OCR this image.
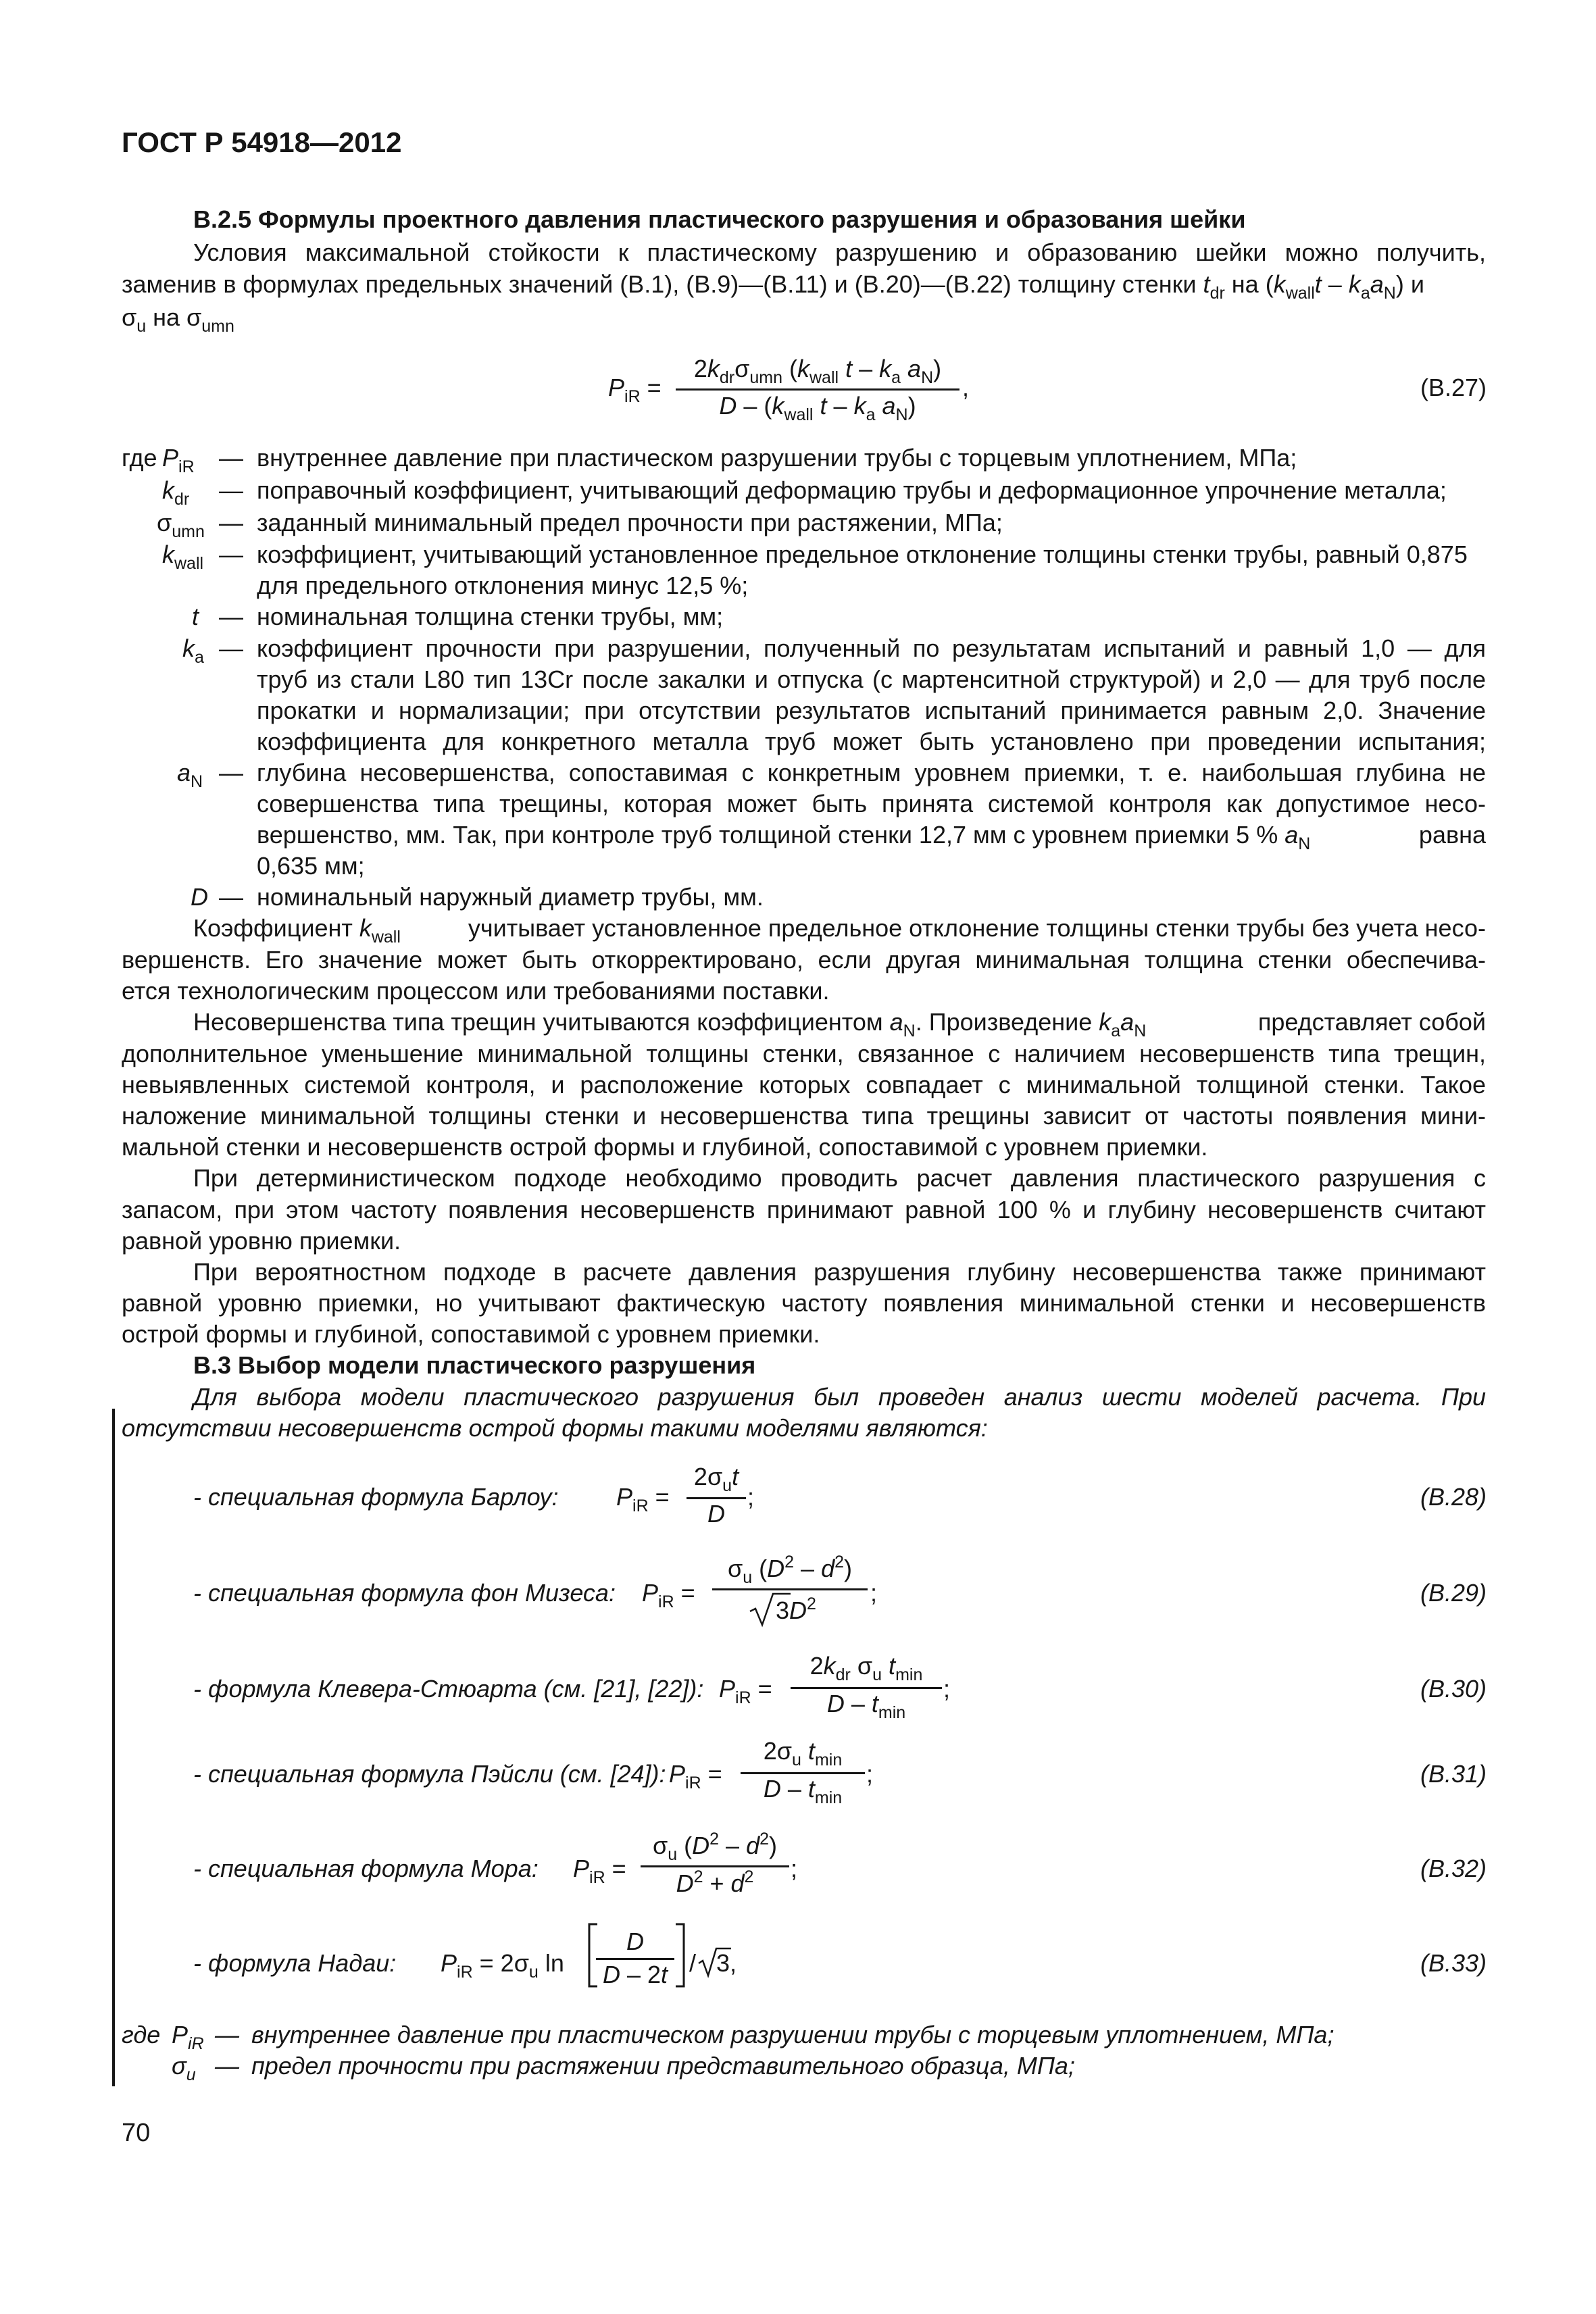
ГОСТ Р 54918—2012
В.2.5 Формулы проектного давления пластического разрушения и образования шейки
Условия максимальной стойкости к пластическому разрушению и образованию шейки можно получить,
заменив в формулах предельных значений (В.1), (В.9)—(В.11) и (В.20)—(В.22) толщину стенки $t_{dr}$ на $(k_{wall}t - k_aa_N)$ и
$\sigma_u$ на $\sigma_{umn}$
$P_{iR}$ =
$2k_{dr}\sigma_{umn}$ ($k_{wall}$ t – $k_a$ $a_N$)
D – ($k_{wall}$ t – $k_a$ $a_N$)
,	(В.27)
где $P_{iR}$ — внутреннее давление при пластическом разрушении трубы с торцевым уплотнением, МПа;
$k_{dr}$ — поправочный коэффициент, учитывающий деформацию трубы и деформационное упрочнение металла;
$\sigma_{umn}$ — заданный минимальный предел прочности при растяжении, МПа;
$k_{wall}$ — коэффициент, учитывающий установленное предельное отклонение толщины стенки трубы, равный 0,875
для предельного отклонения минус 12,5 %;
t — номинальная толщина стенки трубы, мм;
$k_a$ — коэффициент прочности при разрушении, полученный по результатам испытаний и равный 1,0 — для
труб из стали L80 тип 13Cr после закалки и отпуска (с мартенситной структурой) и 2,0 — для труб после
прокатки и нормализации; при отсутствии результатов испытаний принимается равным 2,0. Значение
коэффициента для конкретного металла труб может быть установлено при проведении испытания;
$a_N$ — глубина несовершенства, сопоставимая с конкретным уровнем приемки, т. е. наибольшая глубина не
совершенства типа трещины, которая может быть принята системой контроля как допустимое несо-
вершенство, мм. Так, при контроле труб толщиной стенки 12,7 мм с уровнем приемки 5 % $a_N$	равна
0,635 мм;
D — номинальный наружный диаметр трубы, мм.
Коэффициент $k_{wall}$	учитывает установленное предельное отклонение толщины стенки трубы без учета несо-
вершенств. Его значение может быть откорректировано, если другая минимальная толщина стенки обеспечива-
ется технологическим процессом или требованиями поставки.
Несовершенства типа трещин учитываются коэффициентом $a_N$. Произведение $k_aa_N$	представляет собой
дополнительное уменьшение минимальной толщины стенки, связанное с наличием несовершенств типа трещин,
невыявленных системой контроля, и расположение которых совпадает с минимальной толщиной стенки. Такое
наложение минимальной толщины стенки и несовершенства типа трещины зависит от частоты появления мини-
мальной стенки и несовершенств острой формы и глубиной, сопоставимой с уровнем приемки.
При детерминистическом подходе необходимо проводить расчет давления пластического разрушения с
запасом, при этом частоту появления несовершенств принимают равной 100 % и глубину несовершенств считают
равной уровню приемки.
При вероятностном подходе в расчете давления разрушения глубину несовершенства также принимают
равной уровню приемки, но учитывают фактическую частоту появления минимальной стенки и несовершенств
острой формы и глубиной, сопоставимой с уровнем приемки.
В.3 Выбор модели пластического разрушения
Для выбора модели пластического разрушения был проведен анализ шести моделей расчета. При
отсутствии несовершенств острой формы такими моделями являются:
- специальная формула Барлоу: $P_{iR}$ =
$2\sigma_ut$
D
;	(В.28)
- специальная формула фон Мизеса: $P_{iR}$ =
$\sigma_u$ $(D^2 - d^2)$
$3D^2$ ;	(В.29)
- формула Клевера-Стюарта (см. [21], [22]): $P_{iR}$ =
$2k_{dr}$ $\sigma_u$ $t_{min}$
D – $t_{min}$
;	(В.30)
- специальная формула Пэйсли (см. [24]): $P_{iR}$ =
$2\sigma_u$ $t_{min}$
D – $t_{min}$
;	(В.31)
- специальная формула Мора: $P_{iR}$ =
$\sigma_u$ $(D^2 - d^2)$
$D^2 + d^2$	;	(В.32)
- формула Надаи: $P_{iR} = 2\sigma_u$ ln
D
D – 2t / 3,	(В.33)
где $P_{iR}$ — внутреннее давление при пластическом разрушении трубы с торцевым уплотнением, МПа;
$\sigma_u$ — предел прочности при растяжении представительного образца, МПа;
70
